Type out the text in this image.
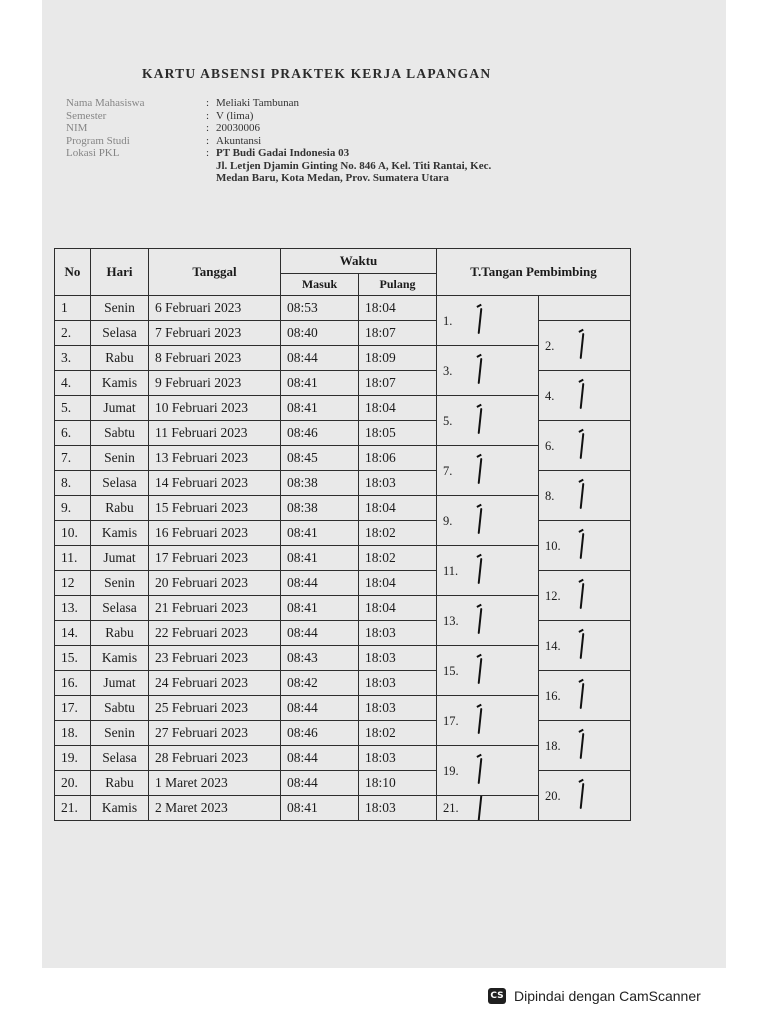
KARTU ABSENSI PRAKTEK KERJA LAPANGAN
Nama Mahasiswa	: Meliaki Tambunan
Semester	: V (lima)
NIM	: 20030006
Program Studi	: Akuntansi
Lokasi PKL	: PT Budi Gadai Indonesia 03
Jl. Letjen Djamin Ginting No. 846 A, Kel. Titi Rantai, Kec.
Medan Baru, Kota Medan, Prov. Sumatera Utara
No	Hari	Tanggal	Waktu		T.Tangan Pembimbing	
			Masuk	Pulang		
1	Senin	6 Februari 2023	08:53	18:04	1.

2.	Selasa	7 Februari 2023	08:40	18:07		2.

3.	Rabu	8 Februari 2023	08:44	18:09	3.	

4.	Kamis	9 Februari 2023	08:41	18:07		4.

5.	Jumat	10 Februari 2023	08:41	18:04	5.	

6.	Sabtu	11 Februari 2023	08:46	18:05		6.

7.	Senin	13 Februari 2023	08:45	18:06	7.	

8.	Selasa	14 Februari 2023	08:38	18:03		8.

9.	Rabu	15 Februari 2023	08:38	18:04	9.	

10.	Kamis	16 Februari 2023	08:41	18:02		10.

11.	Jumat	17 Februari 2023	08:41	18:02	11.	

12	Senin	20 Februari 2023	08:44	18:04		12.

13.	Selasa	21 Februari 2023	08:41	18:04	13.	

14.	Rabu	22 Februari 2023	08:44	18:03		14.

15.	Kamis	23 Februari 2023	08:43	18:03	15.	

16.	Jumat	24 Februari 2023	08:42	18:03		16.

17.	Sabtu	25 Februari 2023	08:44	18:03	17.	

18.	Senin	27 Februari 2023	08:46	18:02		18.

19.	Selasa	28 Februari 2023	08:44	18:03	19.	

20.	Rabu	1 Maret 2023	08:44	18:10		20.

21.	Kamis	2 Maret 2023	08:41	18:03	21.	
CS Dipindai dengan CamScanner
